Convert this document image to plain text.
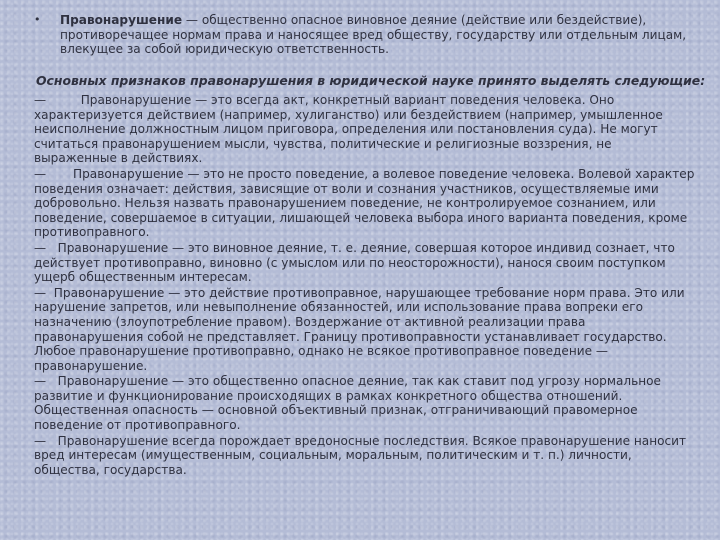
• Правонарушение — общественно опасное виновное деяние (действие или бездействие), противоречащее нормам права и наносящее вред обществу, государству или отдельным лицам, влекущее за собой юридическую ответственность.
Основных признаков правонарушения в юридической науке принято выделять следующие:

—	Правонарушение — это всегда акт, конкретный вариант поведения человека. Оно характеризуется действием (например, хулиганство) или бездействием (например, умышленное неисполнение должностным лицом приговора, определения или постановления суда). Не могут считаться правонарушением мысли, чувства, политические и религиозные воззрения, не выраженные в действиях.

— Правонарушение — это не просто поведение, а волевое поведение человека. Волевой характер поведения означает: действия, зависящие от воли и сознания участников, осуществляемые ими добровольно. Нельзя назвать правонарушением поведение, не контролируемое сознанием, или поведение, совершаемое в ситуации, лишающей человека выбора иного варианта поведения, кроме противоправного.

— Правонарушение — это виновное деяние, т. е. деяние, совершая которое индивид сознает, что действует противоправно, виновно (с умыслом или по неосторожности), нанося своим поступком ущерб общественным интересам.

— Правонарушение — это действие противоправное, нарушающее требование норм права. Это или нарушение запретов, или невыполнение обязанностей, или использование права вопреки его назначению (злоупотребление правом). Воздержание от активной реализации права правонарушения собой не представляет. Границу противоправности устанавливает государство. Любое правонарушение противоправно, однако не всякое противоправное поведение — правонарушение.

— Правонарушение — это общественно опасное деяние, так как ставит под угрозу нормальное развитие и функционирование происходящих в рамках конкретного общества отношений. Общественная опасность — основной объективный признак, отграничивающий правомерное поведение от противоправного.

— Правонарушение всегда порождает вредоносные последствия. Всякое правонарушение наносит вред интересам (имущественным, социальным, моральным, политическим и т. п.) личности, общества, государства.
